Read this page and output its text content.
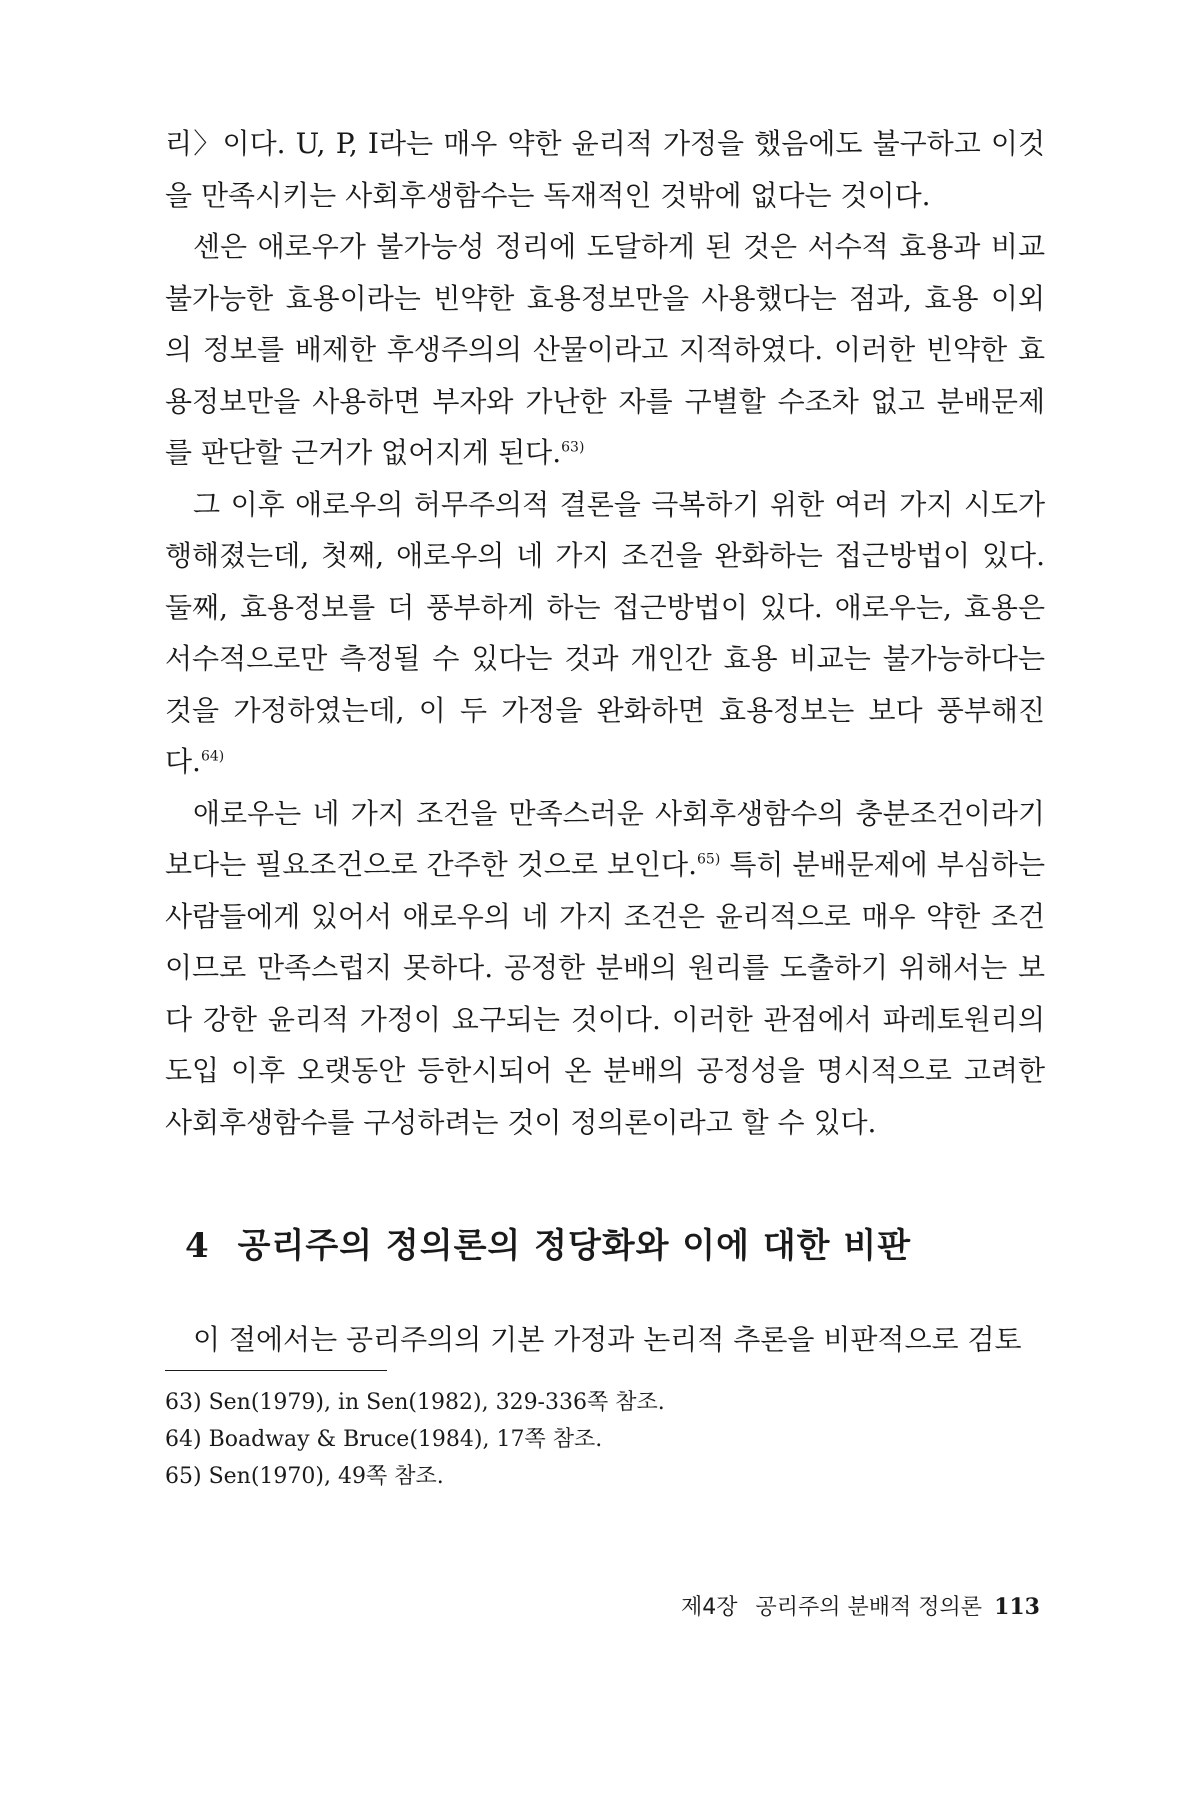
리〉이다. U, P, I라는 매우 약한 윤리적 가정을 했음에도 불구하고 이것을 만족시키는 사회후생함수는 독재적인 것밖에 없다는 것이다.

센은 애로우가 불가능성 정리에 도달하게 된 것은 서수적 효용과 비교 불가능한 효용이라는 빈약한 효용정보만을 사용했다는 점과, 효용 이외의 정보를 배제한 후생주의의 산물이라고 지적하였다. 이러한 빈약한 효용정보만을 사용하면 부자와 가난한 자를 구별할 수조차 없고 분배문제를 판단할 근거가 없어지게 된다.$^{63)}$

그 이후 애로우의 허무주의적 결론을 극복하기 위한 여러 가지 시도가 행해졌는데, 첫째, 애로우의 네 가지 조건을 완화하는 접근방법이 있다. 둘째, 효용정보를 더 풍부하게 하는 접근방법이 있다. 애로우는, 효용은 서수적으로만 측정될 수 있다는 것과 개인간 효용 비교는 불가능하다는 것을 가정하였는데, 이 두 가정을 완화하면 효용정보는 보다 풍부해진다.$^{64)}$

애로우는 네 가지 조건을 만족스러운 사회후생함수의 충분조건이라기보다는 필요조건으로 간주한 것으로 보인다.$^{65)}$ 특히 분배문제에 부심하는 사람들에게 있어서 애로우의 네 가지 조건은 윤리적으로 매우 약한 조건이므로 만족스럽지 못하다. 공정한 분배의 원리를 도출하기 위해서는 보다 강한 윤리적 가정이 요구되는 것이다. 이러한 관점에서 파레토원리의 도입 이후 오랫동안 등한시되어 온 분배의 공정성을 명시적으로 고려한 사회후생함수를 구성하려는 것이 정의론이라고 할 수 있다.

4 공리주의 정의론의 정당화와 이에 대한 비판

이 절에서는 공리주의의 기본 가정과 논리적 추론을 비판적으로 검토

63) Sen(1979), in Sen(1982), 329-336쪽 참조.

64) Boadway & Bruce(1984), 17쪽 참조.

65) Sen(1970), 49쪽 참조.

제4장 공리주의 분배적 정의론 113
